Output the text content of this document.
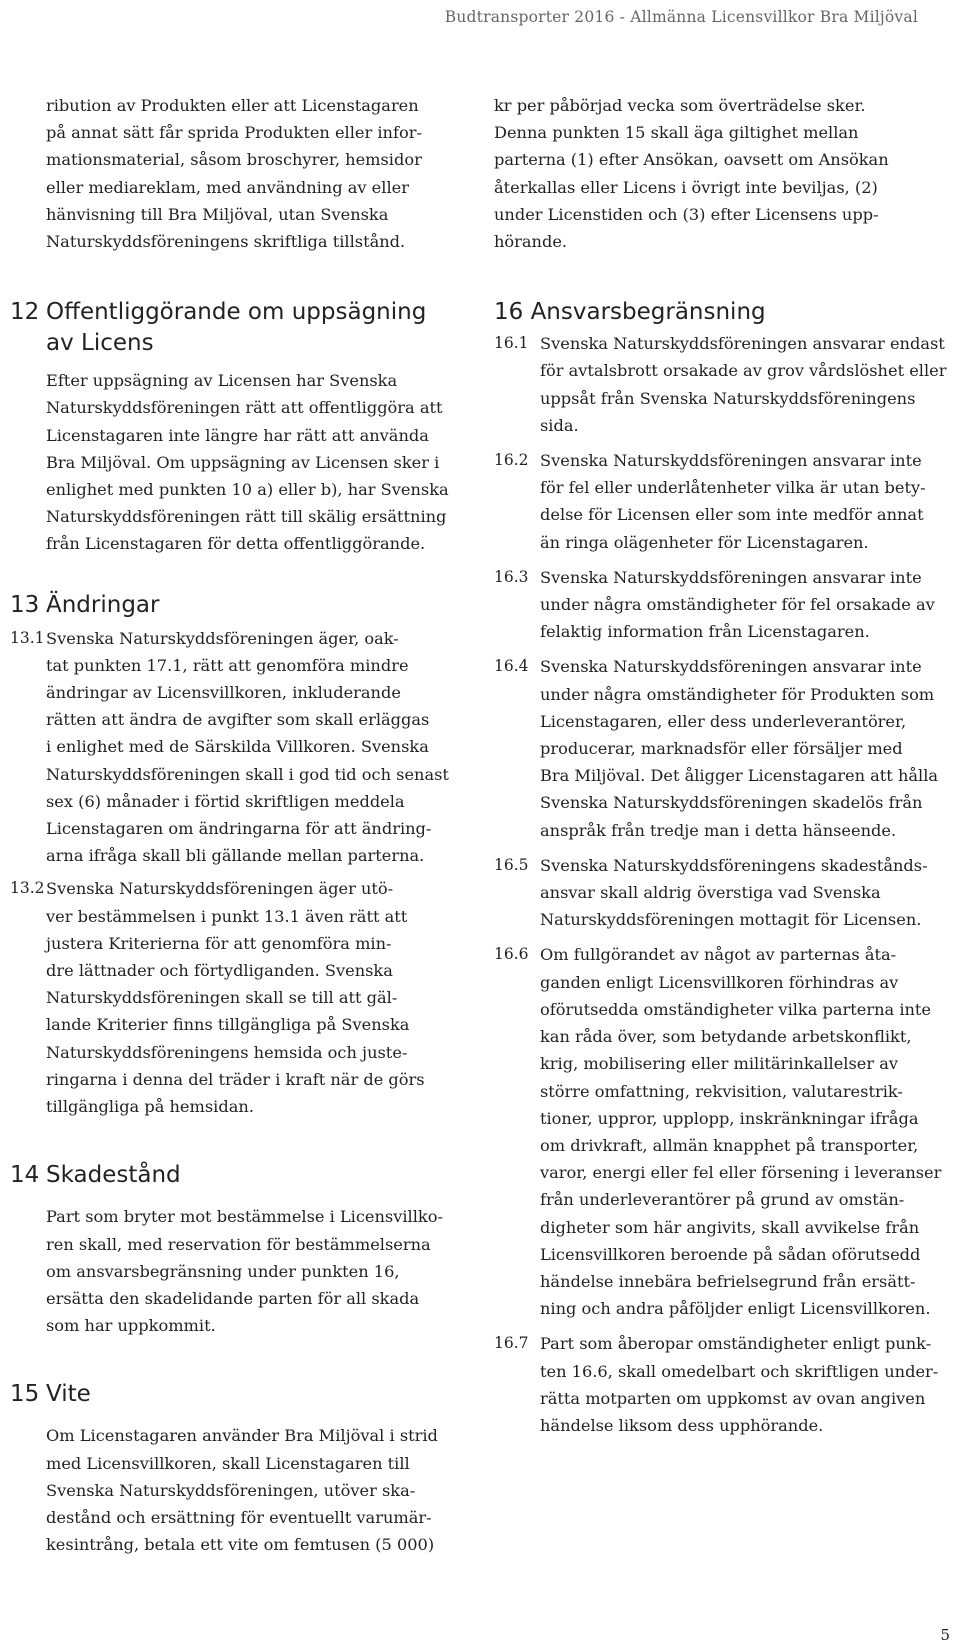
Budtransporter 2016 - Allmänna Licensvillkor Bra Miljöval

ribution av Produkten eller att Licenstagaren
på annat sätt får sprida Produkten eller infor-
mationsmaterial, såsom broschyrer, hemsidor
eller mediareklam, med användning av eller
hänvisning till Bra Miljöval, utan Svenska
Naturskyddsföreningens skriftliga tillstånd.

12 Offentliggörande om uppsägning
av Licens

Efter uppsägning av Licensen har Svenska
Naturskyddsföreningen rätt att offentliggöra att
Licenstagaren inte längre har rätt att använda
Bra Miljöval. Om uppsägning av Licensen sker i
enlighet med punkten 10 a) eller b), har Svenska
Naturskyddsföreningen rätt till skälig ersättning
från Licenstagaren för detta offentliggörande.

13 Ändringar
13.1 Svenska Naturskyddsföreningen äger, oak-
tat punkten 17.1, rätt att genomföra mindre
ändringar av Licensvillkoren, inkluderande
rätten att ändra de avgifter som skall erläggas
i enlighet med de Särskilda Villkoren. Svenska
Naturskyddsföreningen skall i god tid och senast
sex (6) månader i förtid skriftligen meddela
Licenstagaren om ändringarna för att ändring-
arna ifråga skall bli gällande mellan parterna.

13.2 Svenska Naturskyddsföreningen äger utö-
ver bestämmelsen i punkt 13.1 även rätt att
justera Kriterierna för att genomföra min-
dre lättnader och förtydliganden. Svenska
Naturskyddsföreningen skall se till att gäl-
lande Kriterier finns tillgängliga på Svenska
Naturskyddsföreningens hemsida och juste-
ringarna i denna del träder i kraft när de görs
tillgängliga på hemsidan.

14 Skadestånd

Part som bryter mot bestämmelse i Licensvillko-
ren skall, med reservation för bestämmelserna
om ansvarsbegränsning under punkten 16,
ersätta den skadelidande parten för all skada
som har uppkommit.

15 Vite

Om Licenstagaren använder Bra Miljöval i strid
med Licensvillkoren, skall Licenstagaren till
Svenska Naturskyddsföreningen, utöver ska-
destånd och ersättning för eventuellt varumär-
kesintrång, betala ett vite om femtusen (5 000)

kr per påbörjad vecka som överträdelse sker.
Denna punkten 15 skall äga giltighet mellan
parterna (1) efter Ansökan, oavsett om Ansökan
återkallas eller Licens i övrigt inte beviljas, (2)
under Licenstiden och (3) efter Licensens upp-
hörande.

16 Ansvarsbegränsning
16.1 Svenska Naturskyddsföreningen ansvarar endast
för avtalsbrott orsakade av grov vårdslöshet eller
uppsåt från Svenska Naturskyddsföreningens
sida.

16.2 Svenska Naturskyddsföreningen ansvarar inte
för fel eller underlåtenheter vilka är utan bety-
delse för Licensen eller som inte medför annat
än ringa olägenheter för Licenstagaren.

16.3 Svenska Naturskyddsföreningen ansvarar inte
under några omständigheter för fel orsakade av
felaktig information från Licenstagaren.

16.4 Svenska Naturskyddsföreningen ansvarar inte
under några omständigheter för Produkten som
Licenstagaren, eller dess underleverantörer,
producerar, marknadsför eller försäljer med
Bra Miljöval. Det åligger Licenstagaren att hålla
Svenska Naturskyddsföreningen skadelös från
anspråk från tredje man i detta hänseende.

16.5 Svenska Naturskyddsföreningens skadestånds-
ansvar skall aldrig överstiga vad Svenska
Naturskyddsföreningen mottagit för Licensen.

16.6 Om fullgörandet av något av parternas åta-
ganden enligt Licensvillkoren förhindras av
oförutsedda omständigheter vilka parterna inte
kan råda över, som betydande arbetskonflikt,
krig, mobilisering eller militärinkallelser av
större omfattning, rekvisition, valutarestrik-
tioner, uppror, upplopp, inskränkningar ifråga
om drivkraft, allmän knapphet på transporter,
varor, energi eller fel eller försening i leveranser
från underleverantörer på grund av omstän-
digheter som här angivits, skall avvikelse från
Licensvillkoren beroende på sådan oförutsedd
händelse innebära befrielsegrund från ersätt-
ning och andra påföljder enligt Licensvillkoren.

16.7 Part som åberopar omständigheter enligt punk-
ten 16.6, skall omedelbart och skriftligen under-
rätta motparten om uppkomst av ovan angiven
händelse liksom dess upphörande.

5
